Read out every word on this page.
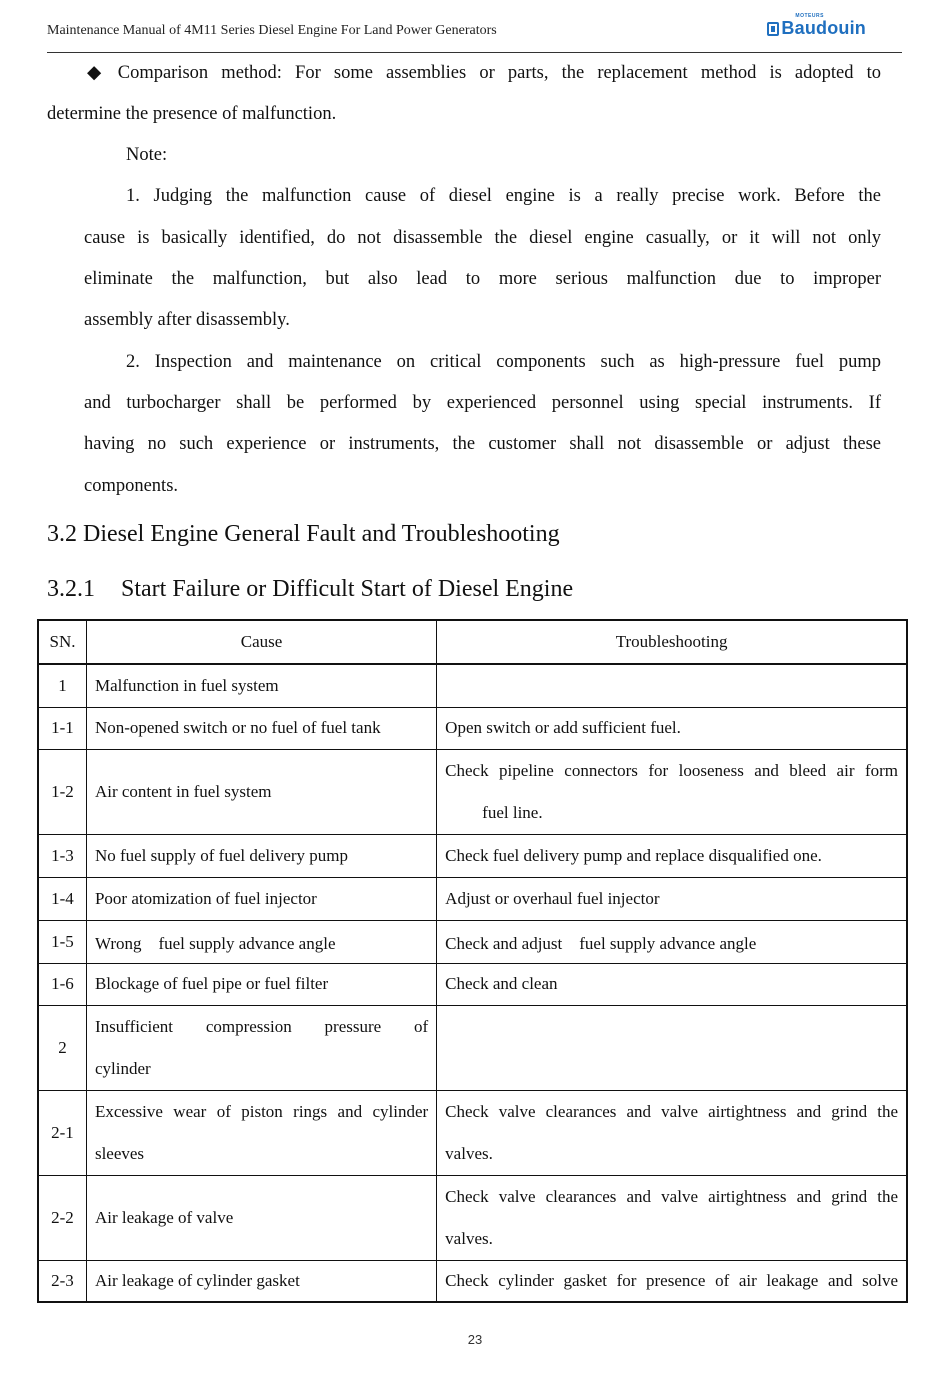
Maintenance Manual of 4M11 Series Diesel Engine For Land Power Generators
MOTEURS
Baudouin
◆ Comparison method: For some assemblies or parts, the replacement method is adopted to
determine the presence of malfunction.
Note:
1. Judging the malfunction cause of diesel engine is a really precise work. Before the
cause is basically identified, do not disassemble the diesel engine casually, or it will not only
eliminate the malfunction, but also lead to more serious malfunction due to improper
assembly after disassembly.
2. Inspection and maintenance on critical components such as high-pressure fuel pump
and turbocharger shall be performed by experienced personnel using special instruments. If
having no such experience or instruments, the customer shall not disassemble or adjust these
components.
3.2 Diesel Engine General Fault and Troubleshooting
3.2.1 Start Failure or Difficult Start of Diesel Engine
SN.	Cause	Troubleshooting
1	Malfunction in fuel system	
1-1	Non-opened switch or no fuel of fuel tank	Open switch or add sufficient fuel.
1-2	Air content in fuel system	Check pipeline connectors for looseness and bleed air form
fuel line.

1-3	No fuel supply of fuel delivery pump	Check fuel delivery pump and replace disqualified one.
1-4	Poor atomization of fuel injector	Adjust or overhaul fuel injector
1-5	Wrong　fuel supply advance angle	Check and adjust　fuel supply advance angle
1-6	Blockage of fuel pipe or fuel filter	Check and clean
2	Insufficient compression pressure of
cylinder	

2-1	Excessive wear of piston rings and cylinder
sleeves	Check valve clearances and valve airtightness and grind the
valves.

2-2	Air leakage of valve	Check valve clearances and valve airtightness and grind the
valves.

2-3	Air leakage of cylinder gasket	Check cylinder gasket for presence of air leakage and solve
23
